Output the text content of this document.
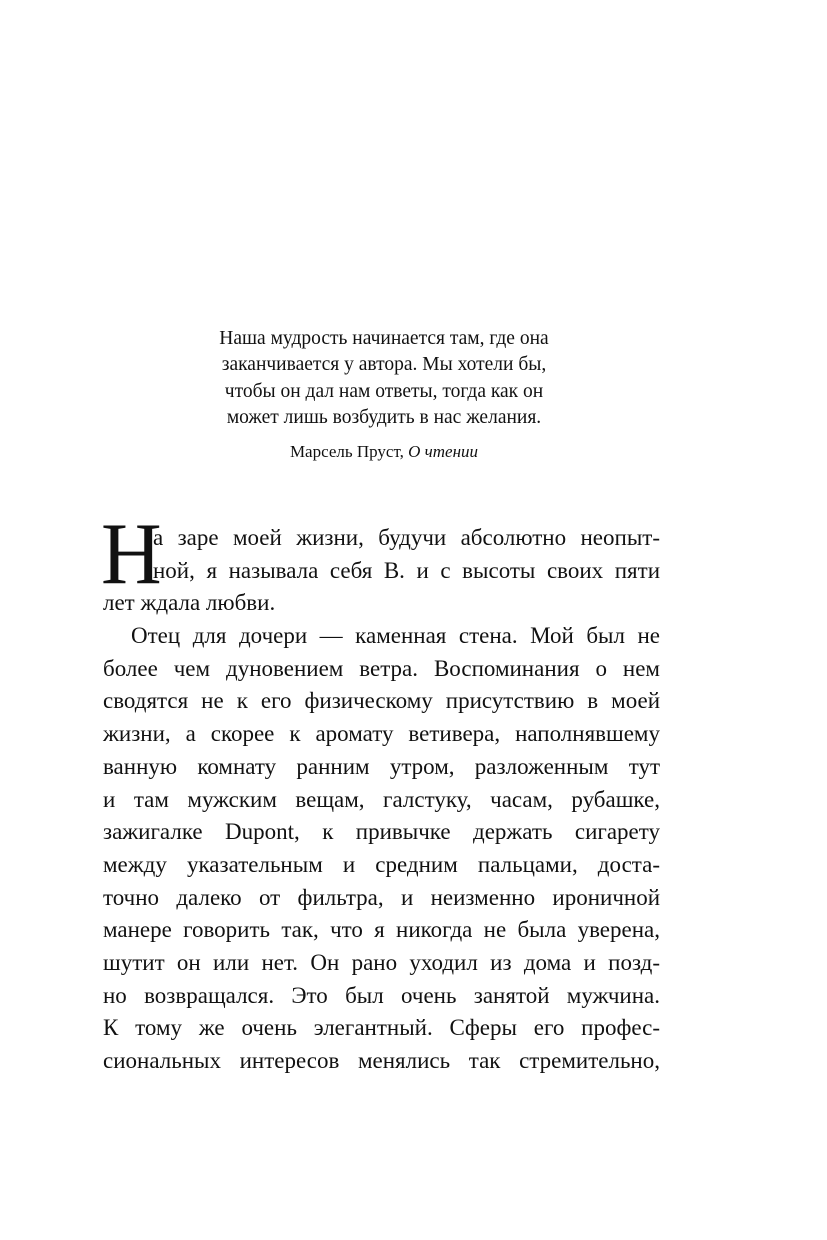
Наша мудрость начинается там, где она
заканчивается у автора. Мы хотели бы,
чтобы он дал нам ответы, тогда как он
может лишь возбудить в нас желания.
Марсель Пруст, О чтении
Н
а заре моей жизни, будучи абсолютно неопыт-
ной, я называла себя В. и с высоты своих пяти
лет ждала любви.
Отец для дочери — каменная стена. Мой был не
более чем дуновением ветра. Воспоминания о нем
сводятся не к его физическому присутствию в моей
жизни, а скорее к аромату ветивера, наполнявшему
ванную комнату ранним утром, разложенным тут
и там мужским вещам, галстуку, часам, рубашке,
зажигалке Dupont, к привычке держать сигарету
между указательным и средним пальцами, доста-
точно далеко от фильтра, и неизменно ироничной
манере говорить так, что я никогда не была уверена,
шутит он или нет. Он рано уходил из дома и позд-
но возвращался. Это был очень занятой мужчина.
К тому же очень элегантный. Сферы его профес-
сиональных интересов менялись так стремительно,
